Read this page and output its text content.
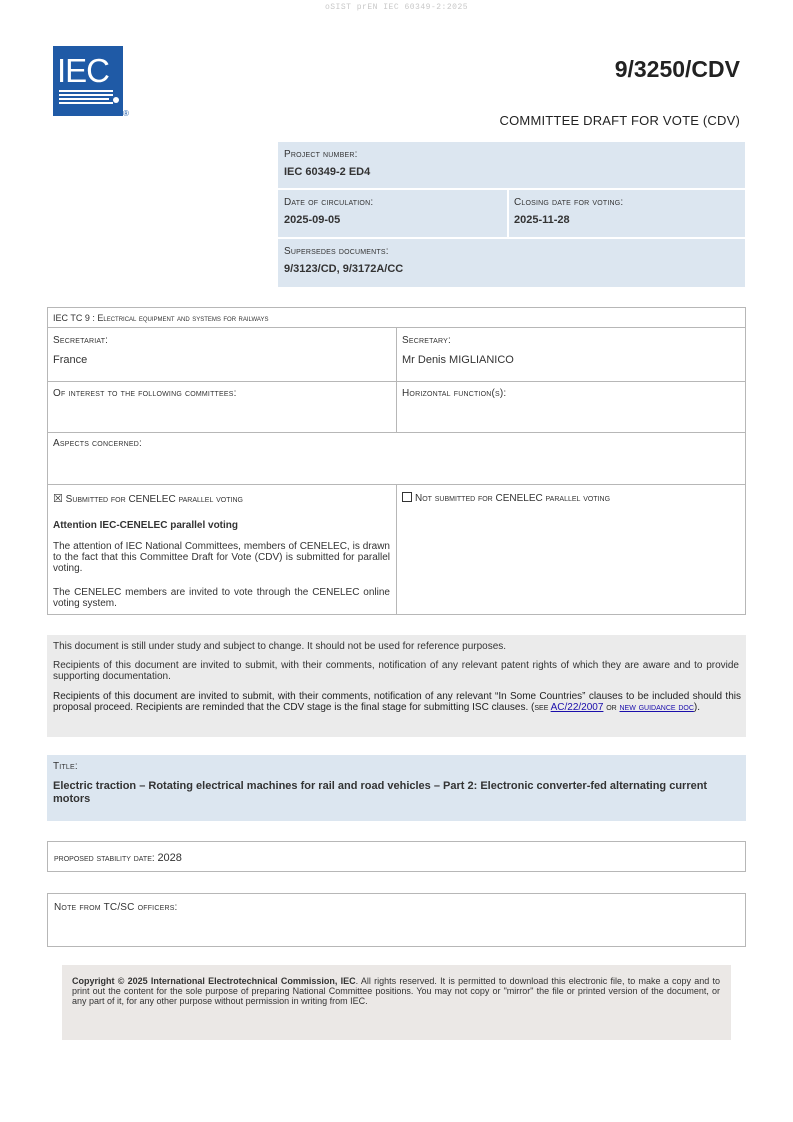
oSIST prEN IEC 60349-2:2025
IEC
®
9/3250/CDV
COMMITTEE DRAFT FOR VOTE (CDV)
Project number:
IEC 60349-2 ED4
Date of circulation:
2025-09-05
Closing date for voting:
2025-11-28
Supersedes documents:
9/3123/CD, 9/3172A/CC
IEC TC 9 : Electrical equipment and systems for railways
Secretariat:
France
Secretary:
Mr Denis MIGLIANICO
Of interest to the following committees:	Horizontal function(s):
Aspects concerned:
☒ Submitted for CENELEC parallel voting	Not submitted for CENELEC parallel voting
Attention IEC-CENELEC parallel voting
The attention of IEC National Committees, members of CENELEC, is drawn to the fact that this Committee Draft for Vote (CDV) is submitted for parallel voting.
The CENELEC members are invited to vote through the CENELEC online voting system.
This document is still under study and subject to change. It should not be used for reference purposes.
Recipients of this document are invited to submit, with their comments, notification of any relevant patent rights of which they are aware and to provide supporting documentation.
Recipients of this document are invited to submit, with their comments, notification of any relevant “In Some Countries” clauses to be included should this proposal proceed. Recipients are reminded that the CDV stage is the final stage for submitting ISC clauses. (see AC/22/2007 or new guidance doc).
Title:
Electric traction – Rotating electrical machines for rail and road vehicles – Part 2: Electronic converter-fed alternating current motors
proposed stability date: 2028
Note from TC/SC officers:
Copyright © 2025 International Electrotechnical Commission, IEC. All rights reserved. It is permitted to download this electronic file, to make a copy and to print out the content for the sole purpose of preparing National Committee positions. You may not copy or "mirror" the file or printed version of the document, or any part of it, for any other purpose without permission in writing from IEC.
